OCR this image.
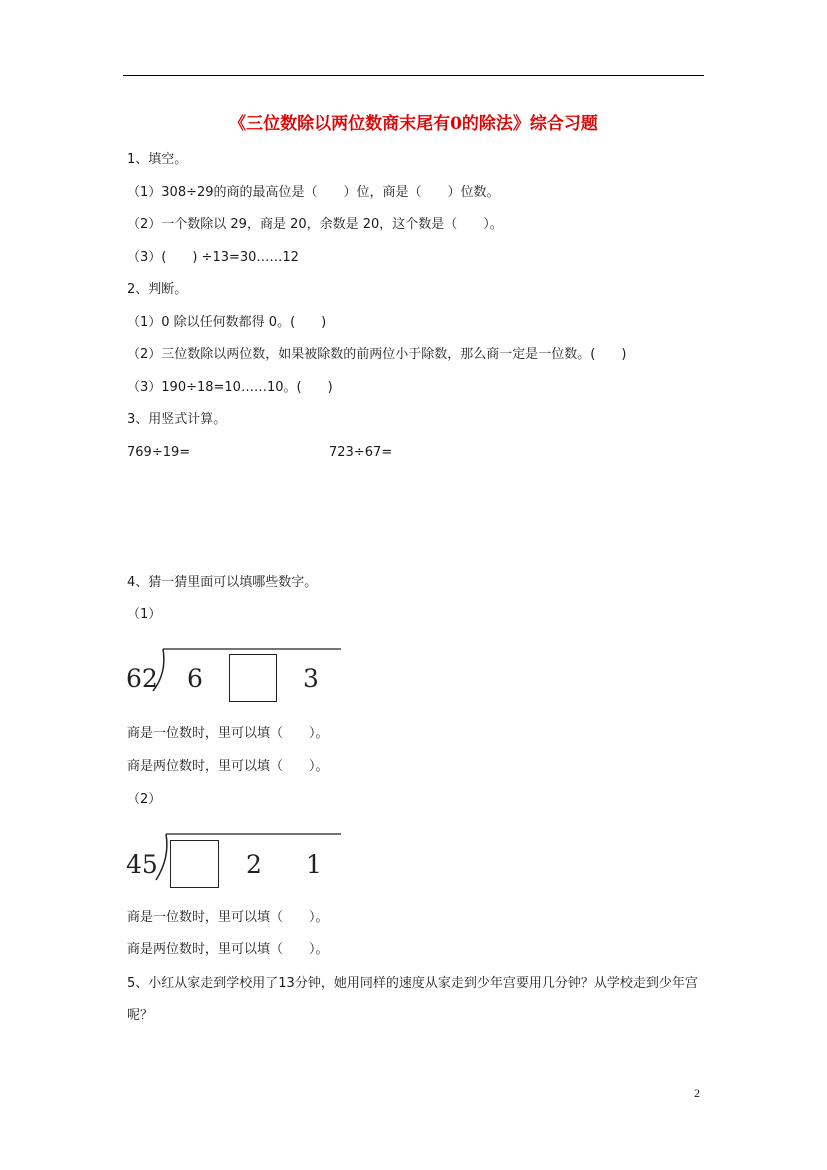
《三位数除以两位数商末尾有0的除法》综合习题
1、填空。
（1）308÷29的商的最高位是（　　）位，商是（　　）位数。
（2）一个数除以 29，商是 20，余数是 20，这个数是（　　）。
（3）(　　) ÷13=30……12
2、判断。
（1）0 除以任何数都得 0。(　　)
（2）三位数除以两位数，如果被除数的前两位小于除数，那么商一定是一位数。(　　)
（3）190÷18=10……10。(　　)
3、用竖式计算。
769÷19=	723÷67=
4、猜一猜里面可以填哪些数字。
（1）
62 6	3
商是一位数时，里可以填（　　）。
商是两位数时，里可以填（　　）。
（2）
45	2 1
商是一位数时，里可以填（　　）。
商是两位数时，里可以填（　　）。
5、小红从家走到学校用了13分钟，她用同样的速度从家走到少年宫要用几分钟？从学校走到少年宫呢？
2
